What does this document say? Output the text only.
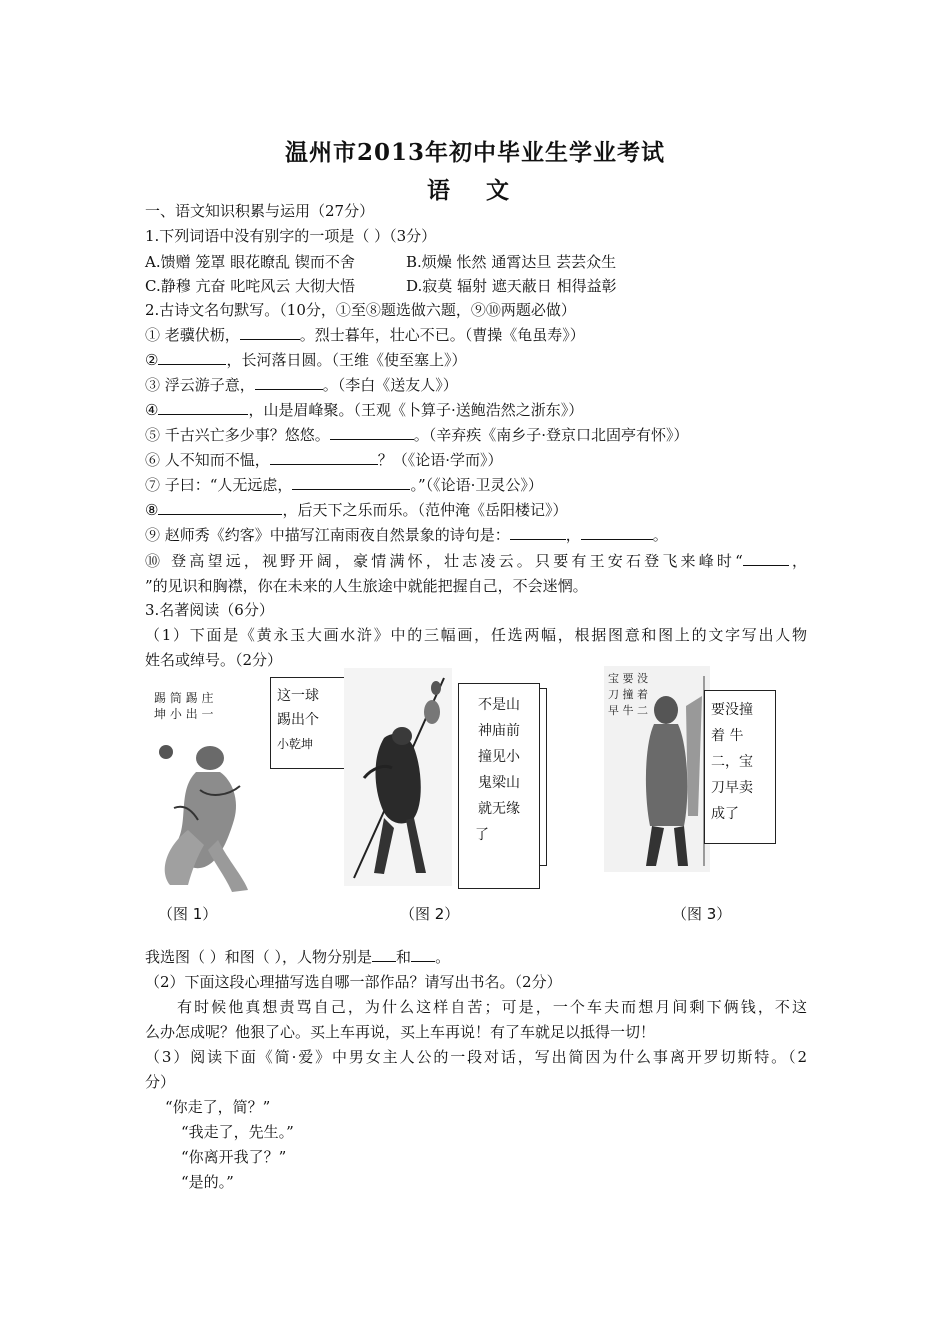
温州市2013年初中毕业生学业考试
语 文
一、语文知识积累与运用（27分）
1.下列词语中没有别字的一项是（ ）（3分）
A.馈赠 笼罩 眼花瞭乱 锲而不舍	B.烦燥 怅然 通霄达旦 芸芸众生
C.静穆 亢奋 叱咤风云 大彻大悟	D.寂莫 辐射 遮天蔽日 相得益彰
2.古诗文名句默写。（10分，①至⑧题选做六题，⑨⑩两题必做）
① 老骥伏枥，	。烈士暮年，壮心不已。（曹操《龟虽寿》）
②	，长河落日圆。（王维《使至塞上》）
③ 浮云游子意，	。（李白《送友人》）
④	，山是眉峰聚。（王观《卜算子·送鲍浩然之浙东》）
⑤ 千古兴亡多少事？悠悠。	。（辛弃疾《南乡子·登京口北固亭有怀》）
⑥ 人不知而不愠，	？（《论语·学而》）
⑦ 子曰：“人无远虑，	。”（《论语·卫灵公》）
⑧	，后天下之乐而乐。（范仲淹《岳阳楼记》）
⑨ 赵师秀《约客》中描写江南雨夜自然景象的诗句是：	，	。
⑩ 登高望远，视野开阔，豪情满怀，壮志凌云。只要有王安石登飞来峰时“	，
”的见识和胸襟，你在未来的人生旅途中就能把握自己，不会迷惘。
3.名著阅读（6分）
（1）下面是《黄永玉大画水浒》中的三幅画，任选两幅，根据图意和图上的文字写出人物
姓名或绰号。（2分）
踢 筒 踢 庄
坤 小 出 一
这一球
踢出个
小乾坤
（图 1）
不是山
神庙前
撞见小
鬼梁山
就无缘
了
（图 2）
宝 要 没
刀 撞 着
早 牛 二	要没撞
着 牛
二，宝
刀早卖
成了
（图 3）
我选图（ ）和图（ ），人物分别是 和 。
（2）下面这段心理描写选自哪一部作品？请写出书名。（2分）
有时候他真想责骂自己，为什么这样自苦；可是，一个车夫而想月间剩下俩钱，不这
么办怎成呢？他狠了心。买上车再说，买上车再说！有了车就足以抵得一切！
（3）阅读下面《简·爱》中男女主人公的一段对话，写出简因为什么事离开罗切斯特。（2
分）
“你走了，简？”
“我走了，先生。”
“你离开我了？”
“是的。”
